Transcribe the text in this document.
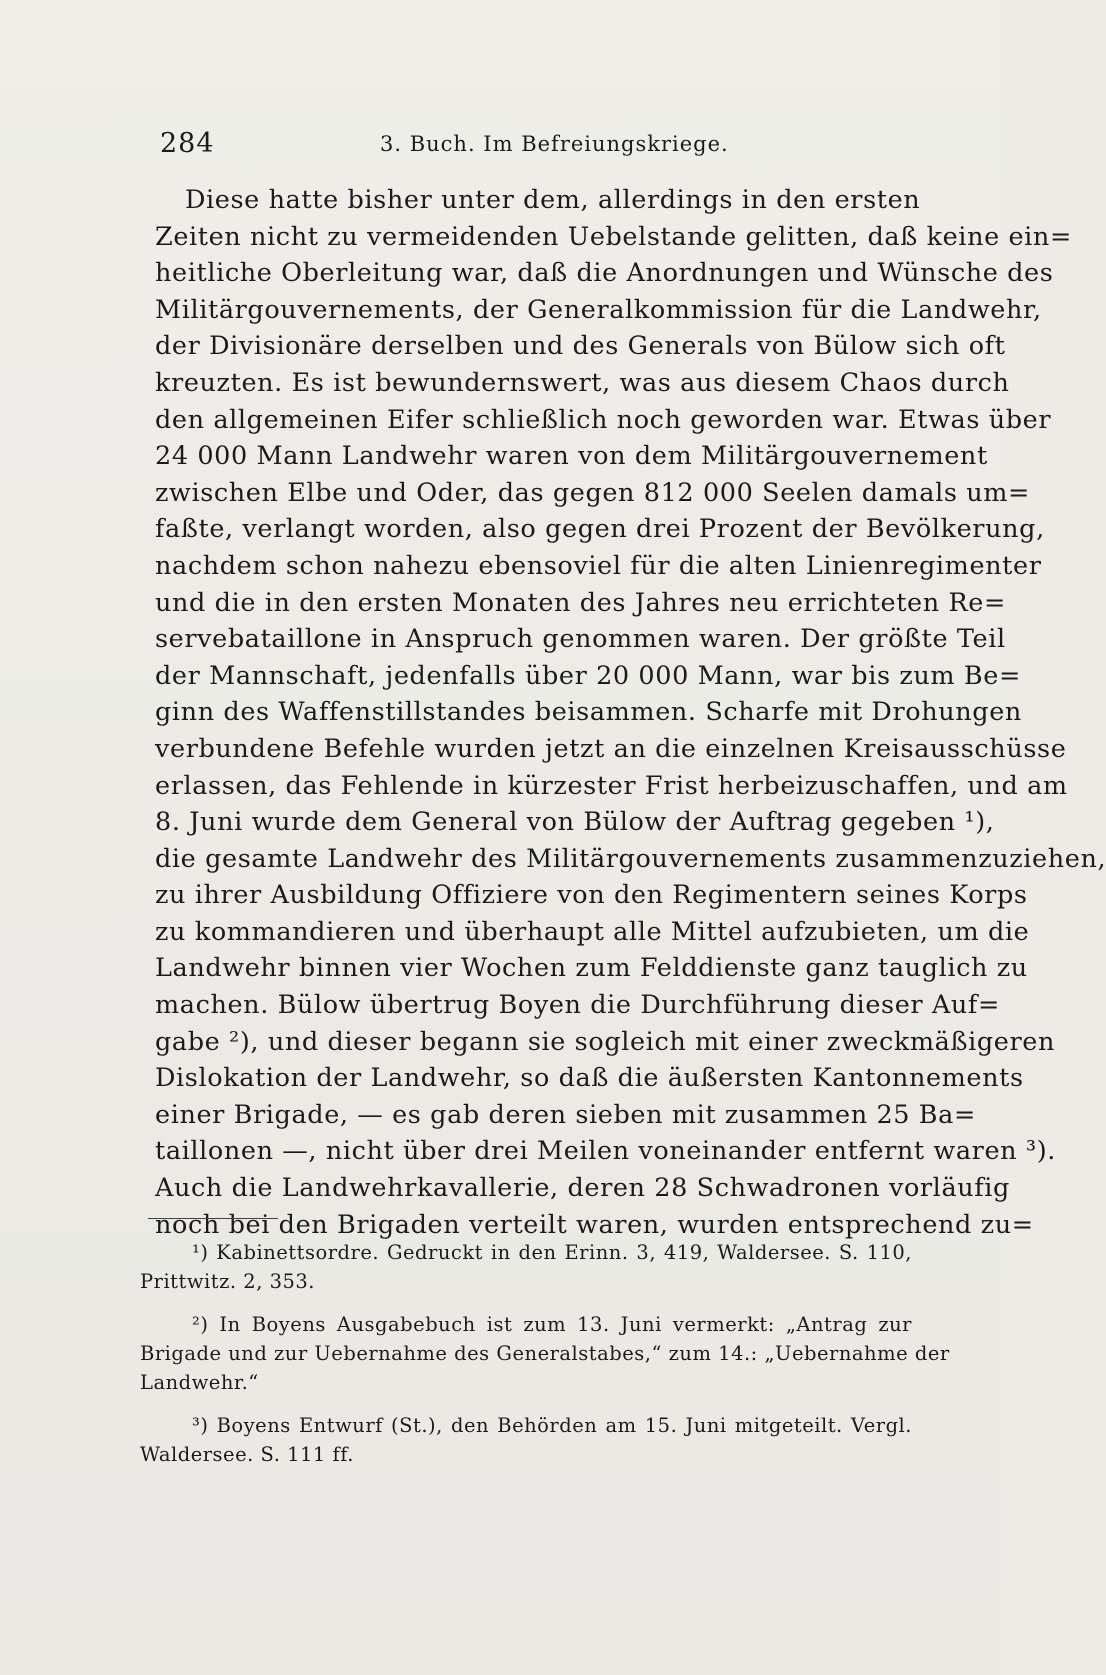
284	3. Buch. Im Befreiungskriege.
Diese hatte bisher unter dem, allerdings in den ersten
Zeiten nicht zu vermeidenden Uebelstande gelitten, daß keine ein=
heitliche Oberleitung war, daß die Anordnungen und Wünsche des
Militärgouvernements, der Generalkommission für die Landwehr,
der Divisionäre derselben und des Generals von Bülow sich oft
kreuzten. Es ist bewundernswert, was aus diesem Chaos durch
den allgemeinen Eifer schließlich noch geworden war. Etwas über
24 000 Mann Landwehr waren von dem Militärgouvernement
zwischen Elbe und Oder, das gegen 812 000 Seelen damals um=
faßte, verlangt worden, also gegen drei Prozent der Bevölkerung,
nachdem schon nahezu ebensoviel für die alten Linienregimenter
und die in den ersten Monaten des Jahres neu errichteten Re=
servebataillone in Anspruch genommen waren. Der größte Teil
der Mannschaft, jedenfalls über 20 000 Mann, war bis zum Be=
ginn des Waffenstillstandes beisammen. Scharfe mit Drohungen
verbundene Befehle wurden jetzt an die einzelnen Kreisausschüsse
erlassen, das Fehlende in kürzester Frist herbeizuschaffen, und am
8. Juni wurde dem General von Bülow der Auftrag gegeben ¹),
die gesamte Landwehr des Militärgouvernements zusammenzuziehen,
zu ihrer Ausbildung Offiziere von den Regimentern seines Korps
zu kommandieren und überhaupt alle Mittel aufzubieten, um die
Landwehr binnen vier Wochen zum Felddienste ganz tauglich zu
machen. Bülow übertrug Boyen die Durchführung dieser Auf=
gabe ²), und dieser begann sie sogleich mit einer zweckmäßigeren
Dislokation der Landwehr, so daß die äußersten Kantonnements
einer Brigade, — es gab deren sieben mit zusammen 25 Ba=
taillonen —, nicht über drei Meilen voneinander entfernt waren ³).
Auch die Landwehrkavallerie, deren 28 Schwadronen vorläufig
noch bei den Brigaden verteilt waren, wurden entsprechend zu=
¹) Kabinettsordre. Gedruckt in den Erinn. 3, 419, Waldersee. S. 110,
Prittwitz. 2, 353.
²) In Boyens Ausgabebuch ist zum 13. Juni vermerkt: „Antrag zur
Brigade und zur Uebernahme des Generalstabes,“ zum 14.: „Uebernahme der
Landwehr.“
³) Boyens Entwurf (St.), den Behörden am 15. Juni mitgeteilt. Vergl.
Waldersee. S. 111 ff.
